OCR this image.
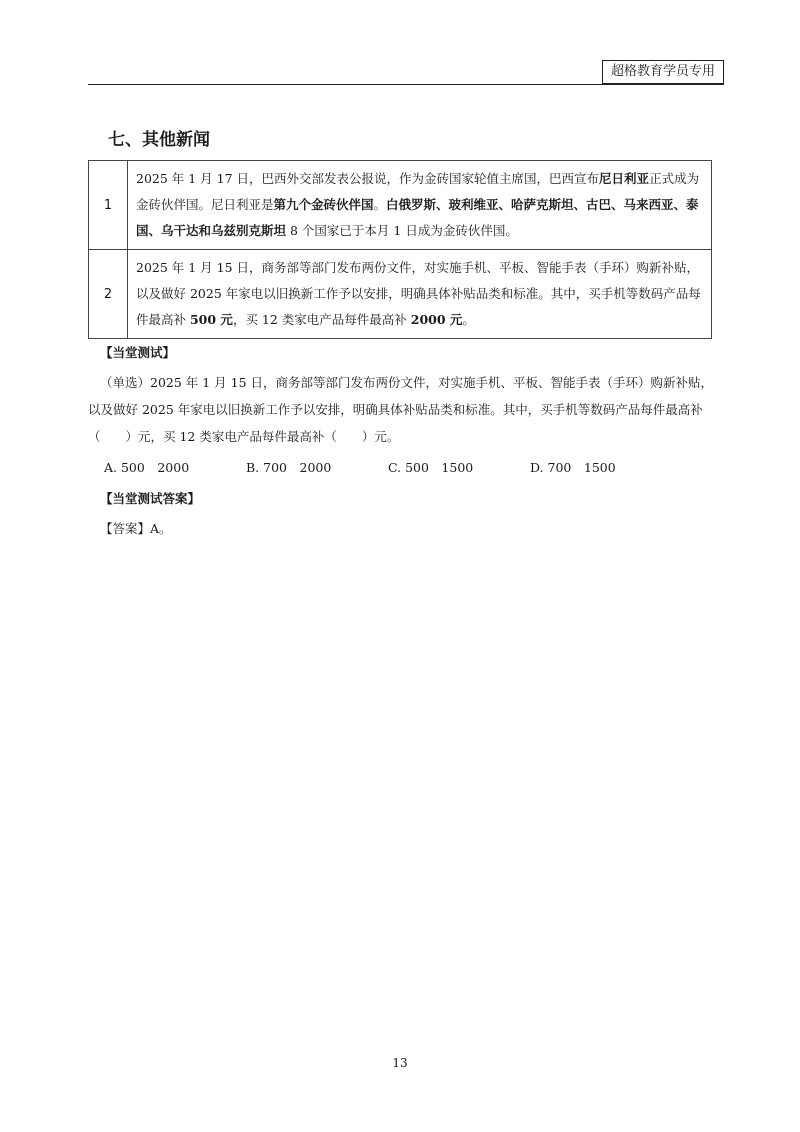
超格教育学员专用
七、其他新闻
1	2025 年 1 月 17 日，巴西外交部发表公报说，作为金砖国家轮值主席国，巴西宣布尼日利亚正式成为金砖伙伴国。尼日利亚是第九个金砖伙伴国。白俄罗斯、玻利维亚、哈萨克斯坦、古巴、马来西亚、泰国、乌干达和乌兹别克斯坦 8 个国家已于本月 1 日成为金砖伙伴国。
2	2025 年 1 月 15 日，商务部等部门发布两份文件，对实施手机、平板、智能手表（手环）购新补贴，以及做好 2025 年家电以旧换新工作予以安排，明确具体补贴品类和标准。其中，买手机等数码产品每件最高补 500 元，买 12 类家电产品每件最高补 2000 元。
【当堂测试】
（单选）2025 年 1 月 15 日，商务部等部门发布两份文件，对实施手机、平板、智能手表（手环）购新补贴，以及做好 2025 年家电以旧换新工作予以安排，明确具体补贴品类和标准。其中，买手机等数码产品每件最高补（　　）元，买 12 类家电产品每件最高补（　　）元。
A. 500　2000	B. 700　2000	C. 500　1500	D. 700　1500
【当堂测试答案】
【答案】A。
13
